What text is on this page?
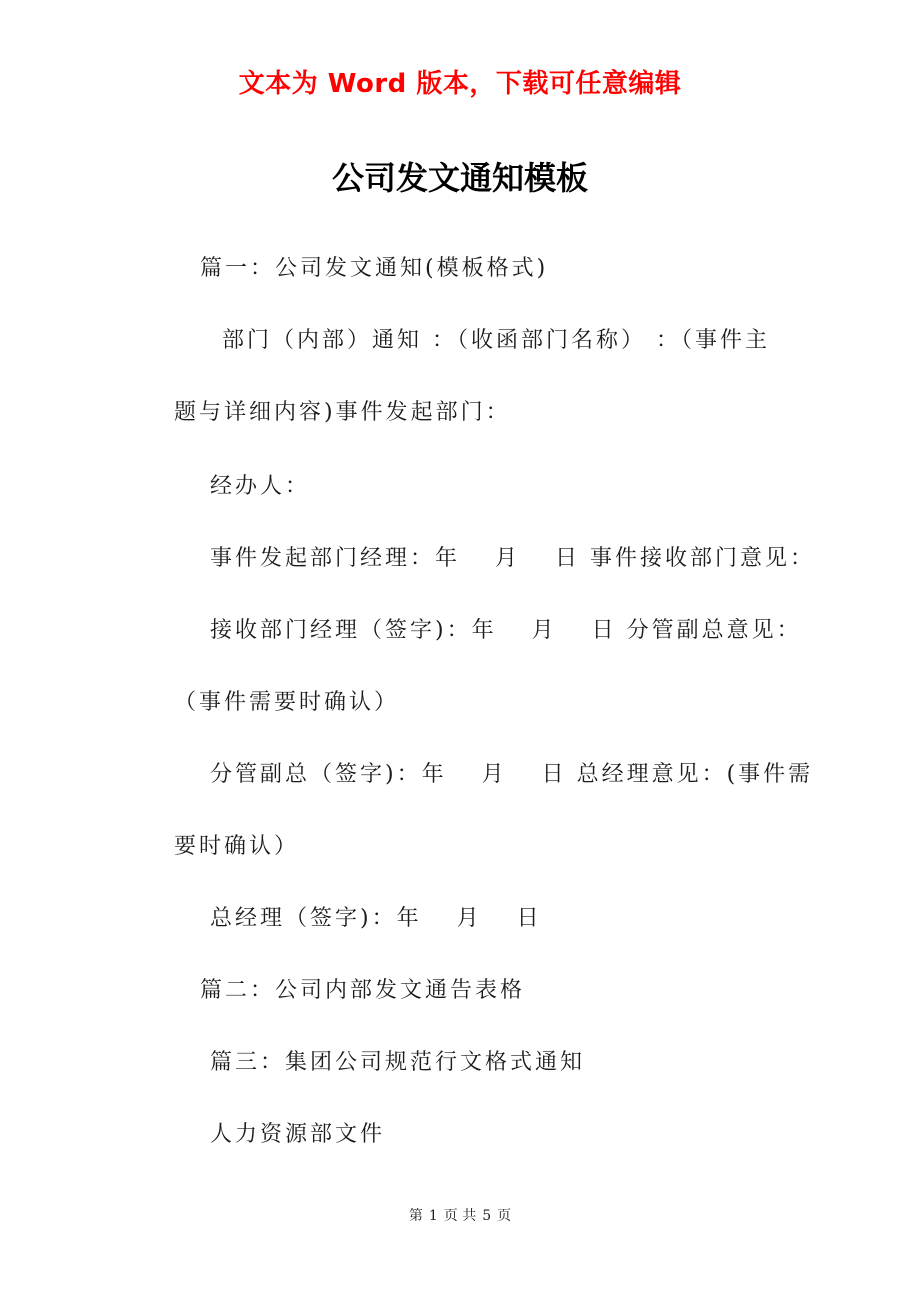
文本为 Word 版本，下载可任意编辑
公司发文通知模板
篇一：公司发文通知(模板格式)
部门（内部）通知 ：（收函部门名称） ：（事件主
题与详细内容)事件发起部门：
经办人：
事件发起部门经理：年　 月　 日 事件接收部门意见：
接收部门经理（签字)：年　 月　 日 分管副总意见：
（事件需要时确认）
分管副总（签字)：年　 月　 日 总经理意见：(事件需
要时确认）
总经理（签字)：年　 月　 日
篇二：公司内部发文通告表格
篇三：集团公司规范行文格式通知
人力资源部文件
第 1 页 共 5 页
